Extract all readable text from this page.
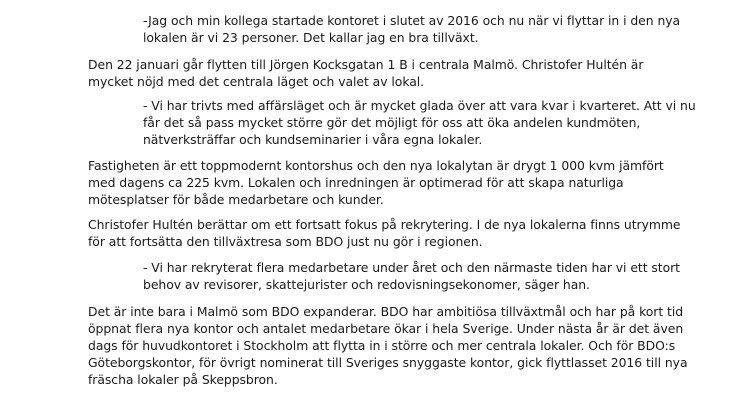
-Jag och min kollega startade kontoret i slutet av 2016 och nu när vi flyttar in i den nya lokalen är vi 23 personer. Det kallar jag en bra tillväxt.

Den 22 januari går flytten till Jörgen Kocksgatan 1 B i centrala Malmö. Christofer Hultén är mycket nöjd med det centrala läget och valet av lokal.

- Vi har trivts med affärsläget och är mycket glada över att vara kvar i kvarteret. Att vi nu får det så pass mycket större gör det möjligt för oss att öka andelen kundmöten, nätverksträffar och kundseminarier i våra egna lokaler.

Fastigheten är ett toppmodernt kontorshus och den nya lokalytan är drygt 1 000 kvm jämfört med dagens ca 225 kvm. Lokalen och inredningen är optimerad för att skapa naturliga mötesplatser för både medarbetare och kunder.

Christofer Hultén berättar om ett fortsatt fokus på rekrytering. I de nya lokalerna finns utrymme för att fortsätta den tillväxtresa som BDO just nu gör i regionen.

- Vi har rekryterat flera medarbetare under året och den närmaste tiden har vi ett stort behov av revisorer, skattejurister och redovisningsekonomer, säger han.

Det är inte bara i Malmö som BDO expanderar. BDO har ambitiösa tillväxtmål och har på kort tid öppnat flera nya kontor och antalet medarbetare ökar i hela Sverige. Under nästa år är det även dags för huvudkontoret i Stockholm att flytta in i större och mer centrala lokaler. Och för BDO:s Göteborgskontor, för övrigt nominerat till Sveriges snyggaste kontor, gick flyttlasset 2016 till nya fräscha lokaler på Skeppsbron.
